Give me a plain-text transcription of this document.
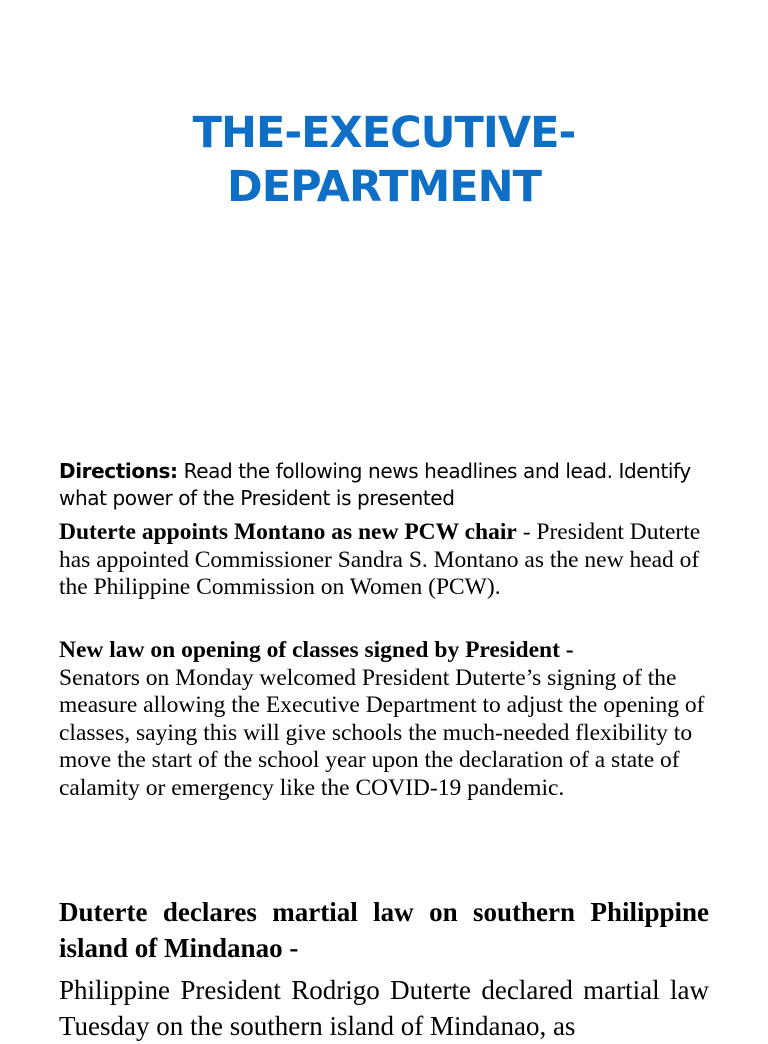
THE-EXECUTIVE-
DEPARTMENT
Directions: Read the following news headlines and lead. Identify what power of the President is presented
Duterte appoints Montano as new PCW chair - President Duterte has appointed Commissioner Sandra S. Montano as the new head of the Philippine Commission on Women (PCW).
New law on opening of classes signed by President -
Senators on Monday welcomed President Duterte’s signing of the measure allowing the Executive Department to adjust the opening of classes, saying this will give schools the much-needed flexibility to move the start of the school year upon the declaration of a state of calamity or emergency like the COVID-19 pandemic.
Duterte declares martial law on southern Philippine island of Mindanao -
Philippine President Rodrigo Duterte declared martial law Tuesday on the southern island of Mindanao, as
